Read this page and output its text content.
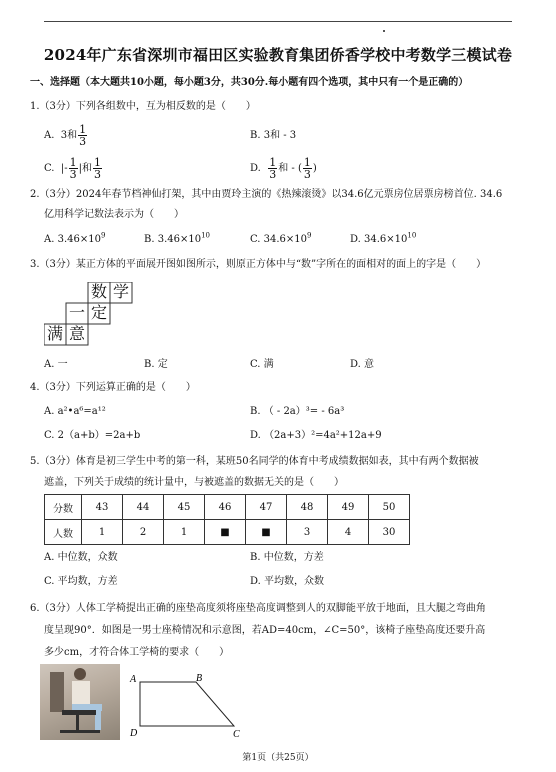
2024年广东省深圳市福田区实验教育集团侨香学校中考数学三模试卷
一、选择题（本大题共10小题，每小题3分，共30分.每小题有四个选项，其中只有一个是正确的）
1.（3分）下列各组数中，互为相反数的是（　　）
A. 3和 $\frac{1}{3}$	B. 3和 - 3
C. |- $\frac{1}{3}$ |和 $\frac{1}{3}$	D. $\frac{1}{3}$ 和 - ( $\frac{1}{3}$ )
2.（3分）2024年春节档神仙打架，其中由贾玲主演的《热辣滚烫》以34.6亿元票房位居票房榜首位. 34.6
亿用科学记数法表示为（　　）
A. $3.46\times 10^9$	B. $3.46\times 10^{10}$	C. $34.6\times 10^9$	D. $34.6\times 10^{10}$
3.（3分）某正方体的平面展开图如图所示，则原正方体中与“数”字所在的面相对的面上的字是（　　）
数 学
一 定
满 意
A. 一	B. 定	C. 满	D. 意
4.（3分）下列运算正确的是（　　）
A. a²•a⁶=a¹²	B. （ - 2a）³= - 6a³
C. 2（a+b）=2a+b	D. （2a+3）²=4a²+12a+9
5.（3分）体育是初三学生中考的第一科，某班50名同学的体育中考成绩数据如表，其中有两个数据被
遮盖，下列关于成绩的统计量中，与被遮盖的数据无关的是（　　）
分数	43	44	45	46	47	48	49	50
人数	1	2	1	■	■	3	4	30
A. 中位数，众数	B. 中位数，方差
C. 平均数，方差	D. 平均数，众数
6.（3分）人体工学椅提出正确的座垫高度须将座垫高度调整到人的双脚能平放于地面，且大腿之弯曲角
度呈现90°．如图是一男士座椅情况和示意图，若AD=40cm，∠C=50°，该椅子座垫高度还要升高
多少cm，才符合体工学椅的要求（　　）
A	B
C
D
第1页（共25页）
